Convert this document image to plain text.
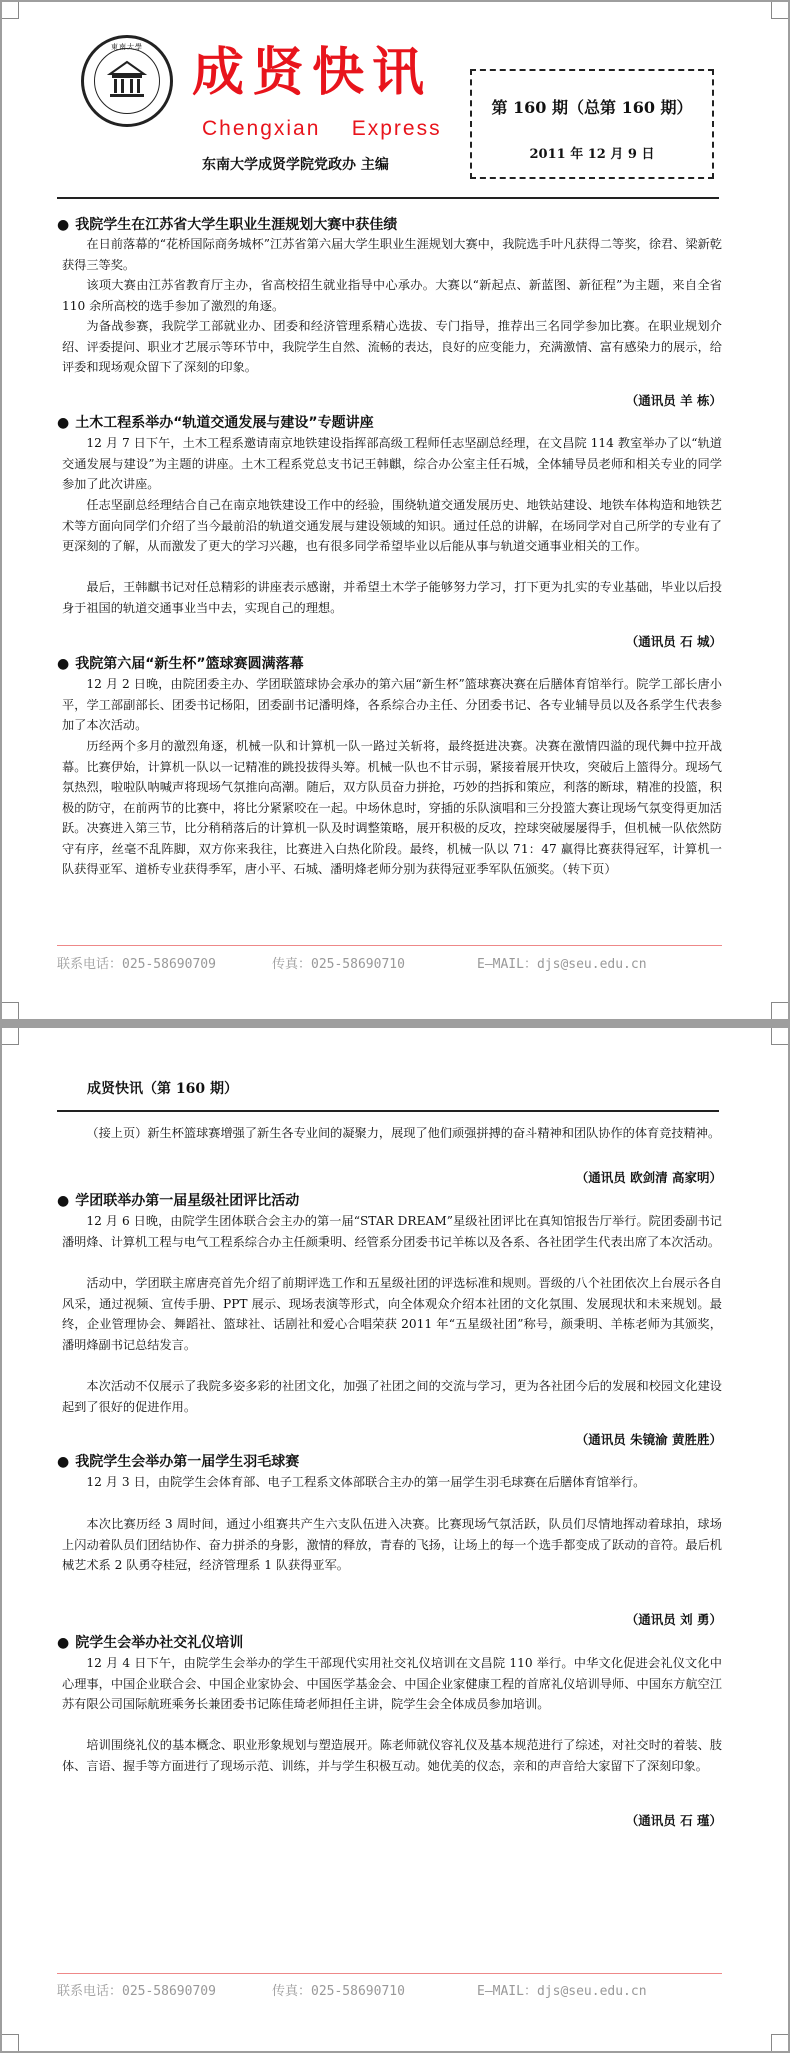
東南大學 成贤快讯
Chengxian    Express
东南大学成贤学院党政办 主编
第 160 期（总第 160 期）
2011 年 12 月 9 日
● 我院学生在江苏省大学生职业生涯规划大赛中获佳绩
在日前落幕的“花桥国际商务城杯”江苏省第六届大学生职业生涯规划大赛中，我院选手叶凡获得二等奖，徐君、梁新乾获得三等奖。
该项大赛由江苏省教育厅主办，省高校招生就业指导中心承办。大赛以“新起点、新蓝图、新征程”为主题，来自全省 110 余所高校的选手参加了激烈的角逐。
为备战参赛，我院学工部就业办、团委和经济管理系精心选拔、专门指导，推荐出三名同学参加比赛。在职业规划介绍、评委提问、职业才艺展示等环节中，我院学生自然、流畅的表达，良好的应变能力，充满激情、富有感染力的展示，给评委和现场观众留下了深刻的印象。
（通讯员 羊 栋）
● 土木工程系举办“轨道交通发展与建设”专题讲座
12 月 7 日下午，土木工程系邀请南京地铁建设指挥部高级工程师任志坚副总经理，在文昌院 114 教室举办了以“轨道交通发展与建设”为主题的讲座。土木工程系党总支书记王韩麒，综合办公室主任石城，全体辅导员老师和相关专业的同学参加了此次讲座。
任志坚副总经理结合自己在南京地铁建设工作中的经验，围绕轨道交通发展历史、地铁站建设、地铁车体构造和地铁艺术等方面向同学们介绍了当今最前沿的轨道交通发展与建设领域的知识。通过任总的讲解，在场同学对自己所学的专业有了更深刻的了解，从而激发了更大的学习兴趣，也有很多同学希望毕业以后能从事与轨道交通事业相关的工作。
最后，王韩麒书记对任总精彩的讲座表示感谢，并希望土木学子能够努力学习，打下更为扎实的专业基础，毕业以后投身于祖国的轨道交通事业当中去，实现自己的理想。
（通讯员 石 城）
● 我院第六届“新生杯”篮球赛圆满落幕
12 月 2 日晚，由院团委主办、学团联篮球协会承办的第六届“新生杯”篮球赛决赛在后膳体育馆举行。院学工部长唐小平，学工部副部长、团委书记杨阳，团委副书记潘明烽，各系综合办主任、分团委书记、各专业辅导员以及各系学生代表参加了本次活动。
历经两个多月的激烈角逐，机械一队和计算机一队一路过关斩将，最终挺进决赛。决赛在激情四溢的现代舞中拉开战幕。比赛伊始，计算机一队以一记精准的跳投拔得头筹。机械一队也不甘示弱，紧接着展开快攻，突破后上篮得分。现场气氛热烈，啦啦队呐喊声将现场气氛推向高潮。随后，双方队员奋力拼抢，巧妙的挡拆和策应，利落的断球，精准的投篮，积极的防守，在前两节的比赛中，将比分紧紧咬在一起。中场休息时，穿插的乐队演唱和三分投篮大赛让现场气氛变得更加活跃。决赛进入第三节，比分稍稍落后的计算机一队及时调整策略，展开积极的反攻，控球突破屡屡得手，但机械一队依然防守有序，丝毫不乱阵脚，双方你来我往，比赛进入白热化阶段。最终，机械一队以 71：47 赢得比赛获得冠军，计算机一队获得亚军、道桥专业获得季军，唐小平、石城、潘明烽老师分别为获得冠亚季军队伍颁奖。（转下页）
联系电话：025-58690709	传真：025-58690710	E—MAIL：djs@seu.edu.cn
成贤快讯（第 160 期）
（接上页）新生杯篮球赛增强了新生各专业间的凝聚力，展现了他们顽强拼搏的奋斗精神和团队协作的体育竞技精神。
（通讯员 欧剑清 高家明）
● 学团联举办第一届星级社团评比活动
12 月 6 日晚，由院学生团体联合会主办的第一届“STAR DREAM”星级社团评比在真知馆报告厅举行。院团委副书记潘明烽、计算机工程与电气工程系综合办主任颜秉明、经管系分团委书记羊栋以及各系、各社团学生代表出席了本次活动。
活动中，学团联主席唐亮首先介绍了前期评选工作和五星级社团的评选标准和规则。晋级的八个社团依次上台展示各自风采，通过视频、宣传手册、PPT 展示、现场表演等形式，向全体观众介绍本社团的文化氛围、发展现状和未来规划。最终，企业管理协会、舞蹈社、篮球社、话剧社和爱心合唱荣获 2011 年“五星级社团”称号，颜秉明、羊栋老师为其颁奖，潘明烽副书记总结发言。
本次活动不仅展示了我院多姿多彩的社团文化，加强了社团之间的交流与学习，更为各社团今后的发展和校园文化建设起到了很好的促进作用。
（通讯员 朱镜渝 黄胜胜）
● 我院学生会举办第一届学生羽毛球赛
12 月 3 日，由院学生会体育部、电子工程系文体部联合主办的第一届学生羽毛球赛在后膳体育馆举行。
本次比赛历经 3 周时间，通过小组赛共产生六支队伍进入决赛。比赛现场气氛活跃，队员们尽情地挥动着球拍，球场上闪动着队员们团结协作、奋力拼杀的身影，激情的释放，青春的飞扬，让场上的每一个选手都变成了跃动的音符。最后机械艺术系 2 队勇夺桂冠，经济管理系 1 队获得亚军。
（通讯员 刘 勇）
● 院学生会举办社交礼仪培训
12 月 4 日下午，由院学生会举办的学生干部现代实用社交礼仪培训在文昌院 110 举行。中华文化促进会礼仪文化中心理事，中国企业联合会、中国企业家协会、中国医学基金会、中国企业家健康工程的首席礼仪培训导师、中国东方航空江苏有限公司国际航班乘务长兼团委书记陈佳琦老师担任主讲，院学生会全体成员参加培训。
培训围绕礼仪的基本概念、职业形象规划与塑造展开。陈老师就仪容礼仪及基本规范进行了综述，对社交时的着装、肢体、言语、握手等方面进行了现场示范、训练，并与学生积极互动。她优美的仪态，亲和的声音给大家留下了深刻印象。
（通讯员 石 瑾）
联系电话：025-58690709	传真：025-58690710	E—MAIL：djs@seu.edu.cn
